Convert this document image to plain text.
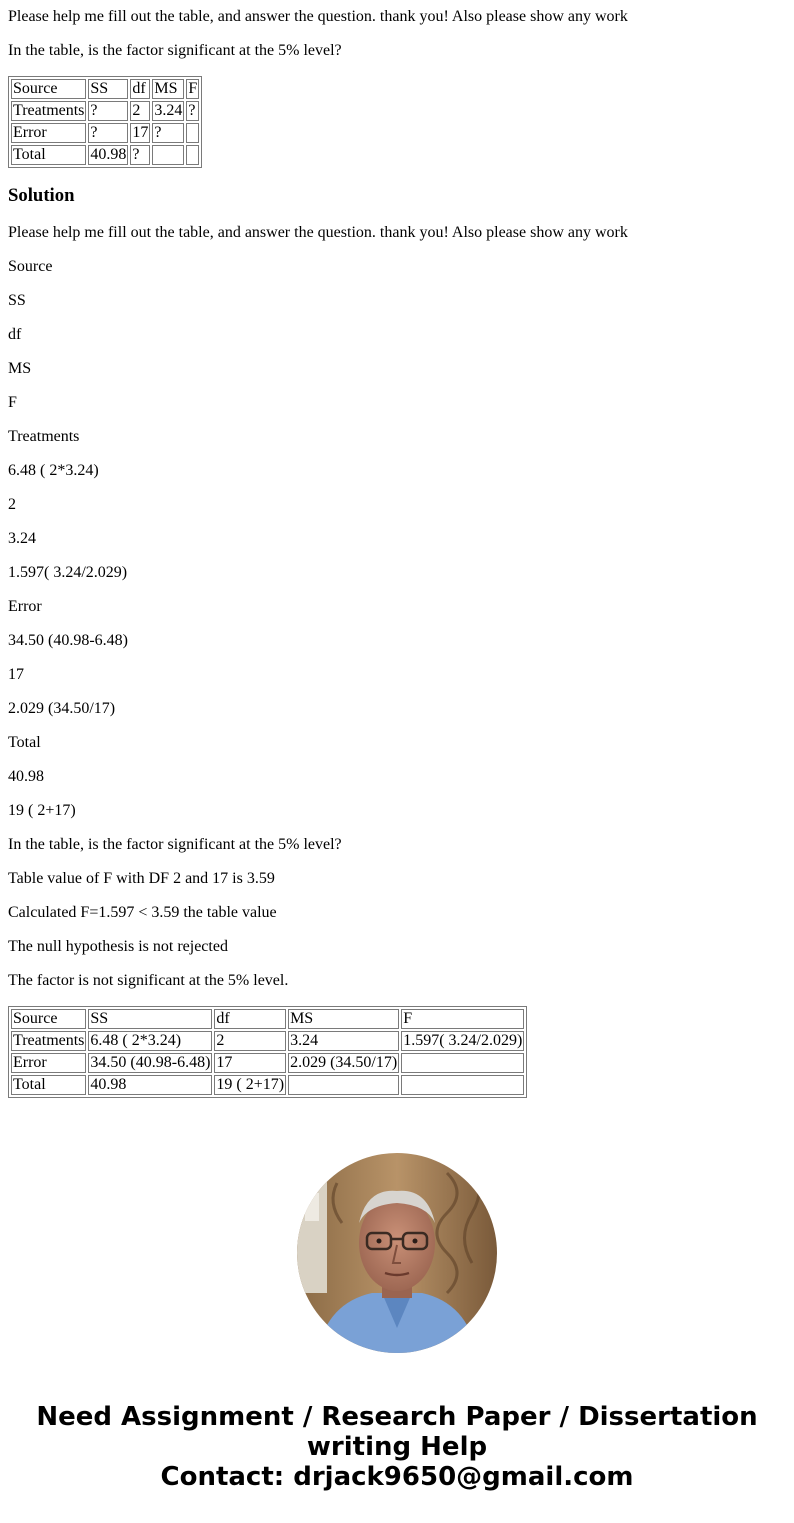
Please help me fill out the table, and answer the question. thank you! Also please show any work

In the table, is the factor significant at the 5% level?

Source	SS	df	MS	F
Treatments	?	2	3.24	?
Error	?	17	?	
Total	40.98	?		
Solution

Please help me fill out the table, and answer the question. thank you! Also please show any work

Source

SS

df

MS

F

Treatments

6.48 ( 2*3.24)

2

3.24

1.597( 3.24/2.029)

Error

34.50 (40.98-6.48)

17

2.029 (34.50/17)

Total

40.98

19 ( 2+17)

In the table, is the factor significant at the 5% level?

Table value of F with DF 2 and 17 is 3.59

Calculated F=1.597 < 3.59 the table value

The null hypothesis is not rejected

The factor is not significant at the 5% level.

Source	SS	df	MS	F
Treatments	6.48 ( 2*3.24)	2	3.24	1.597( 3.24/2.029)
Error	34.50 (40.98-6.48)	17	2.029 (34.50/17)	
Total	40.98	19 ( 2+17)		
Need Assignment / Research Paper / Dissertation
writing Help
Contact: drjack9650@gmail.com
